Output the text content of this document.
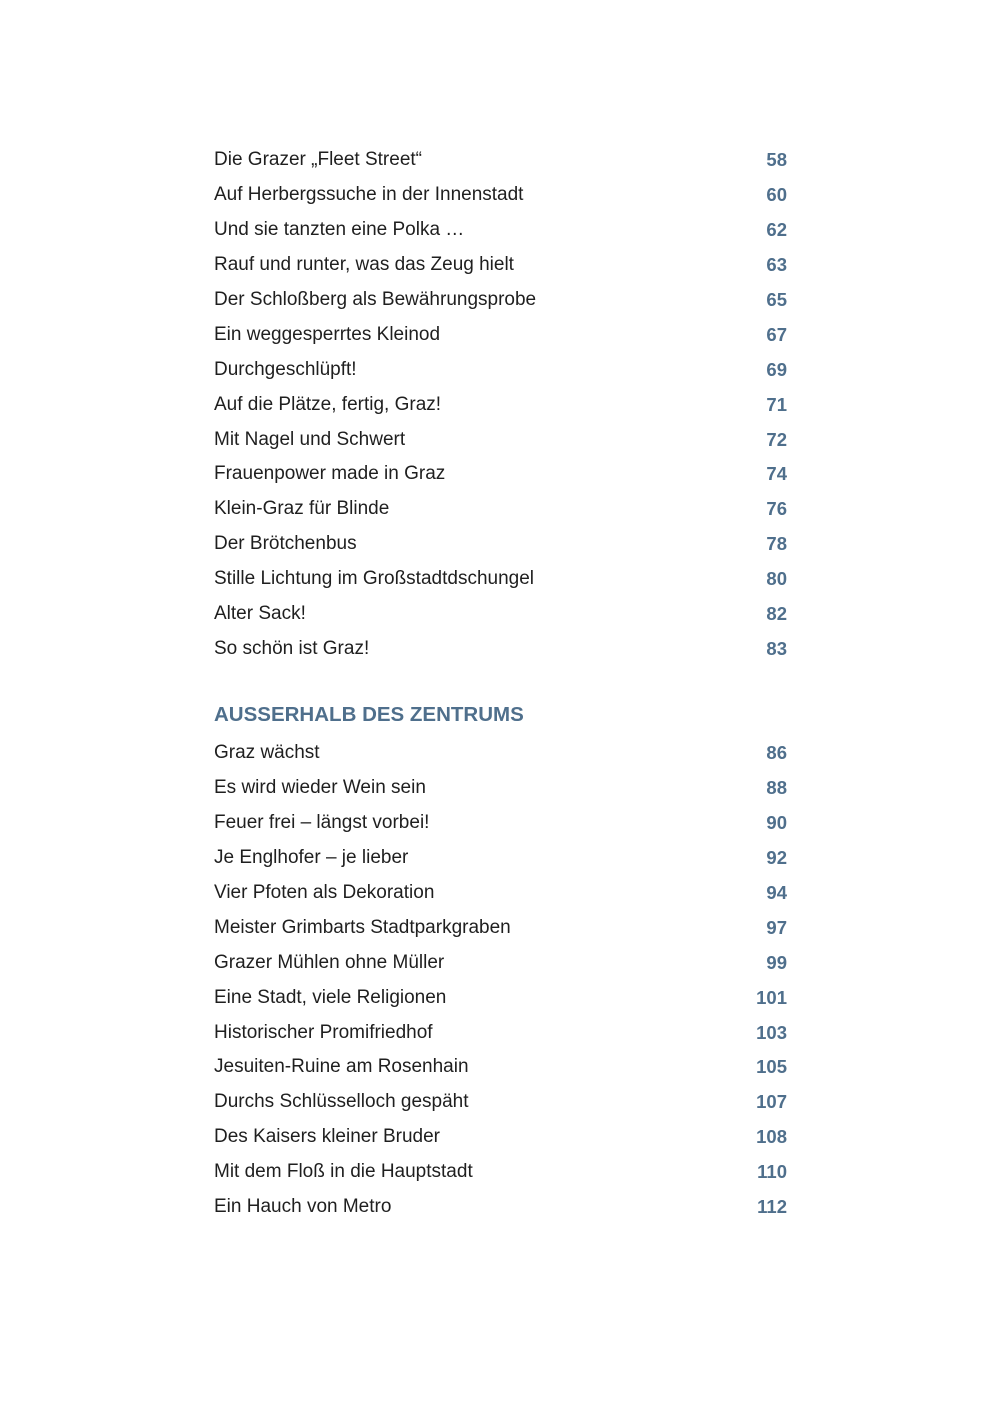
Die Grazer „Fleet Street“	58
Auf Herbergssuche in der Innenstadt	60
Und sie tanzten eine Polka …	62
Rauf und runter, was das Zeug hielt	63
Der Schloßberg als Bewährungsprobe	65
Ein weggesperrtes Kleinod	67
Durchgeschlüpft!	69
Auf die Plätze, fertig, Graz!	71
Mit Nagel und Schwert	72
Frauenpower made in Graz	74
Klein-Graz für Blinde	76
Der Brötchenbus	78
Stille Lichtung im Großstadtdschungel	80
Alter Sack!	82
So schön ist Graz!	83
AUSSERHALB DES ZENTRUMS
Graz wächst	86
Es wird wieder Wein sein	88
Feuer frei – längst vorbei!	90
Je Englhofer – je lieber	92
Vier Pfoten als Dekoration	94
Meister Grimbarts Stadtparkgraben	97
Grazer Mühlen ohne Müller	99
Eine Stadt, viele Religionen	101
Historischer Promifriedhof	103
Jesuiten-Ruine am Rosenhain	105
Durchs Schlüsselloch gespäht	107
Des Kaisers kleiner Bruder	108
Mit dem Floß in die Hauptstadt	110
Ein Hauch von Metro	112
